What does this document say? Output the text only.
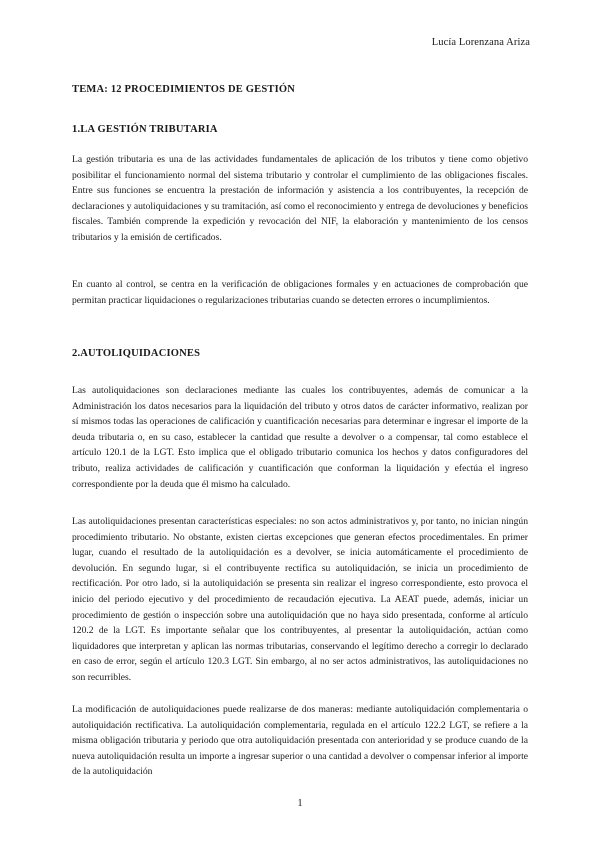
Lucía Lorenzana Ariza
TEMA: 12 PROCEDIMIENTOS DE GESTIÓN
1.LA GESTIÓN TRIBUTARIA

La gestión tributaria es una de las actividades fundamentales de aplicación de los tributos y tiene como objetivo posibilitar el funcionamiento normal del sistema tributario y controlar el cumplimiento de las obligaciones fiscales. Entre sus funciones se encuentra la prestación de información y asistencia a los contribuyentes, la recepción de declaraciones y autoliquidaciones y su tramitación, así como el reconocimiento y entrega de devoluciones y beneficios fiscales. También comprende la expedición y revocación del NIF, la elaboración y mantenimiento de los censos tributarios y la emisión de certificados.

En cuanto al control, se centra en la verificación de obligaciones formales y en actuaciones de comprobación que permitan practicar liquidaciones o regularizaciones tributarias cuando se detecten errores o incumplimientos.

2.AUTOLIQUIDACIONES

Las autoliquidaciones son declaraciones mediante las cuales los contribuyentes, además de comunicar a la Administración los datos necesarios para la liquidación del tributo y otros datos de carácter informativo, realizan por sí mismos todas las operaciones de calificación y cuantificación necesarias para determinar e ingresar el importe de la deuda tributaria o, en su caso, establecer la cantidad que resulte a devolver o a compensar, tal como establece el artículo 120.1 de la LGT. Esto implica que el obligado tributario comunica los hechos y datos configuradores del tributo, realiza actividades de calificación y cuantificación que conforman la liquidación y efectúa el ingreso correspondiente por la deuda que él mismo ha calculado.

Las autoliquidaciones presentan características especiales: no son actos administrativos y, por tanto, no inician ningún procedimiento tributario. No obstante, existen ciertas excepciones que generan efectos procedimentales. En primer lugar, cuando el resultado de la autoliquidación es a devolver, se inicia automáticamente el procedimiento de devolución. En segundo lugar, si el contribuyente rectifica su autoliquidación, se inicia un procedimiento de rectificación. Por otro lado, si la autoliquidación se presenta sin realizar el ingreso correspondiente, esto provoca el inicio del periodo ejecutivo y del procedimiento de recaudación ejecutiva. La AEAT puede, además, iniciar un procedimiento de gestión o inspección sobre una autoliquidación que no haya sido presentada, conforme al artículo 120.2 de la LGT. Es importante señalar que los contribuyentes, al presentar la autoliquidación, actúan como liquidadores que interpretan y aplican las normas tributarias, conservando el legítimo derecho a corregir lo declarado en caso de error, según el artículo 120.3 LGT. Sin embargo, al no ser actos administrativos, las autoliquidaciones no son recurribles.

La modificación de autoliquidaciones puede realizarse de dos maneras: mediante autoliquidación complementaria o autoliquidación rectificativa. La autoliquidación complementaria, regulada en el artículo 122.2 LGT, se refiere a la misma obligación tributaria y periodo que otra autoliquidación presentada con anterioridad y se produce cuando de la nueva autoliquidación resulta un importe a ingresar superior o una cantidad a devolver o compensar inferior al importe de la autoliquidación

1
